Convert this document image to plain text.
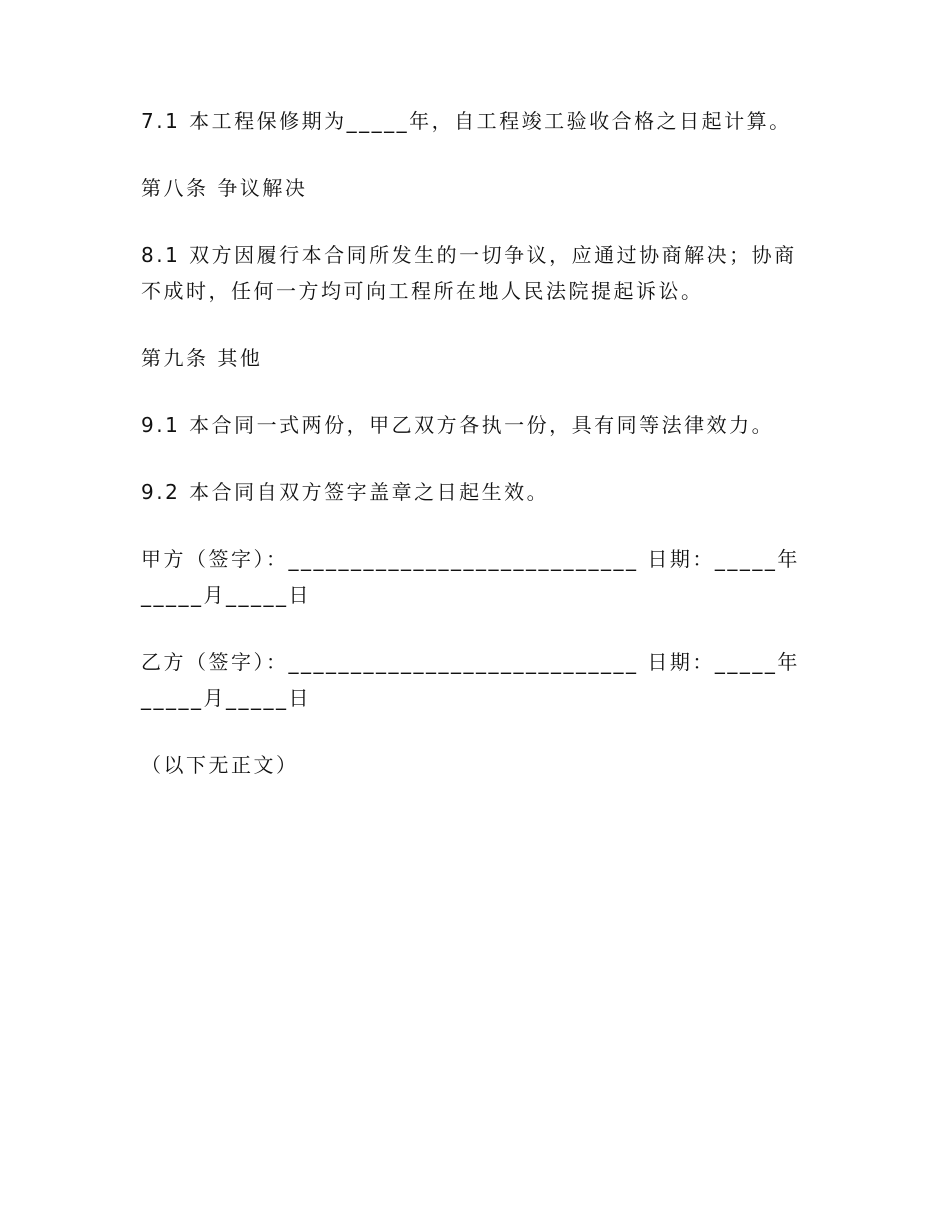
7.1 本工程保修期为_____年，自工程竣工验收合格之日起计算。

第八条 争议解决

8.1 双方因履行本合同所发生的一切争议，应通过协商解决；协商不成时，任何一方均可向工程所在地人民法院提起诉讼。

第九条 其他

9.1 本合同一式两份，甲乙双方各执一份，具有同等法律效力。

9.2 本合同自双方签字盖章之日起生效。

甲方（签字）：____________________________ 日期：_____年_____月_____日

乙方（签字）：____________________________ 日期：_____年_____月_____日

（以下无正文）
